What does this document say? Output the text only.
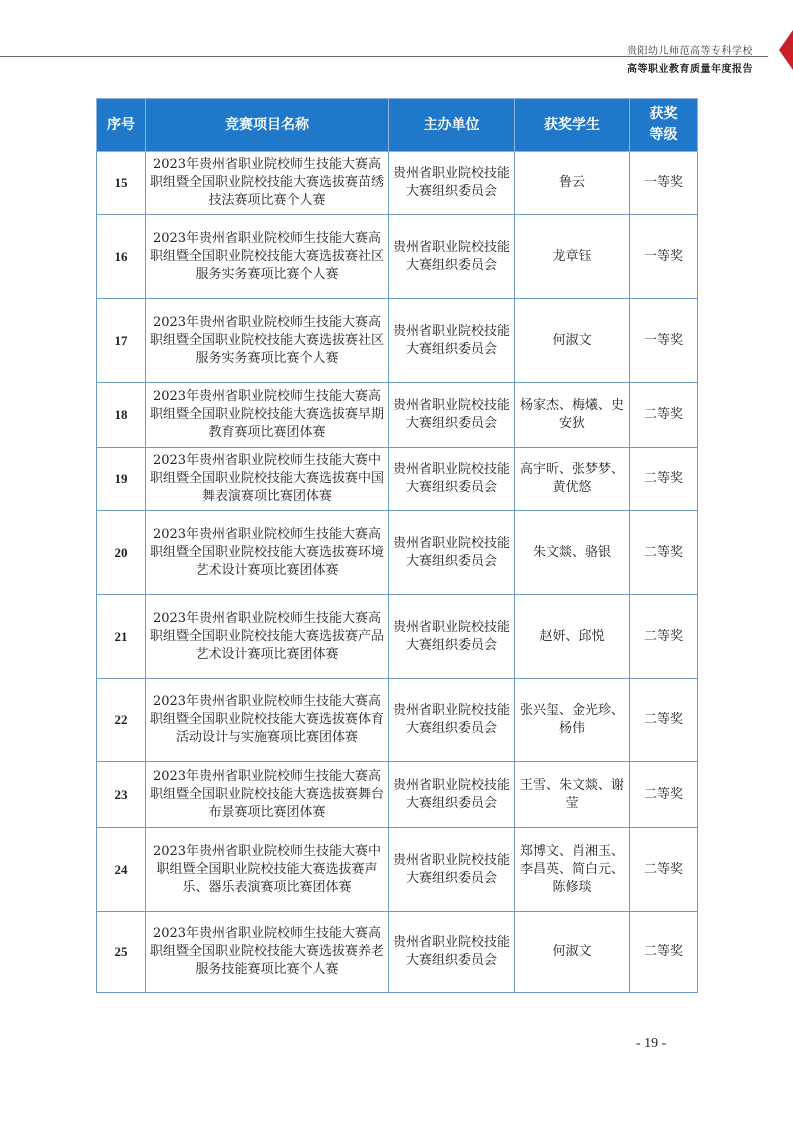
贵阳幼儿师范高等专科学校
高等职业教育质量年度报告
序号	竞赛项目名称	主办单位	获奖学生	获奖等级
15	2023年贵州省职业院校师生技能大赛高职组暨全国职业院校技能大赛选拔赛苗绣技法赛项比赛个人赛	贵州省职业院校技能大赛组织委员会	鲁云	一等奖
16	2023年贵州省职业院校师生技能大赛高职组暨全国职业院校技能大赛选拔赛社区服务实务赛项比赛个人赛	贵州省职业院校技能大赛组织委员会	龙章钰	一等奖
17	2023年贵州省职业院校师生技能大赛高职组暨全国职业院校技能大赛选拔赛社区服务实务赛项比赛个人赛	贵州省职业院校技能大赛组织委员会	何淑文	一等奖
18	2023年贵州省职业院校师生技能大赛高职组暨全国职业院校技能大赛选拔赛早期教育赛项比赛团体赛	贵州省职业院校技能大赛组织委员会	杨家杰、梅爔、史安狄	二等奖
19	2023年贵州省职业院校师生技能大赛中职组暨全国职业院校技能大赛选拔赛中国舞表演赛项比赛团体赛	贵州省职业院校技能大赛组织委员会	高宇昕、张梦梦、黄优悠	二等奖
20	2023年贵州省职业院校师生技能大赛高职组暨全国职业院校技能大赛选拔赛环境艺术设计赛项比赛团体赛	贵州省职业院校技能大赛组织委员会	朱文燚、骆银	二等奖
21	2023年贵州省职业院校师生技能大赛高职组暨全国职业院校技能大赛选拔赛产品艺术设计赛项比赛团体赛	贵州省职业院校技能大赛组织委员会	赵妍、邱悦	二等奖
22	2023年贵州省职业院校师生技能大赛高职组暨全国职业院校技能大赛选拔赛体育活动设计与实施赛项比赛团体赛	贵州省职业院校技能大赛组织委员会	张兴玺、金光珍、杨伟	二等奖
23	2023年贵州省职业院校师生技能大赛高职组暨全国职业院校技能大赛选拔赛舞台布景赛项比赛团体赛	贵州省职业院校技能大赛组织委员会	王雪、朱文燚、谢莹	二等奖
24	2023年贵州省职业院校师生技能大赛中职组暨全国职业院校技能大赛选拔赛声乐、器乐表演赛项比赛团体赛	贵州省职业院校技能大赛组织委员会	郑博文、肖湘玉、李昌英、简白元、陈修琰	二等奖
25	2023年贵州省职业院校师生技能大赛高职组暨全国职业院校技能大赛选拔赛养老服务技能赛项比赛个人赛	贵州省职业院校技能大赛组织委员会	何淑文	二等奖
- 19 -
